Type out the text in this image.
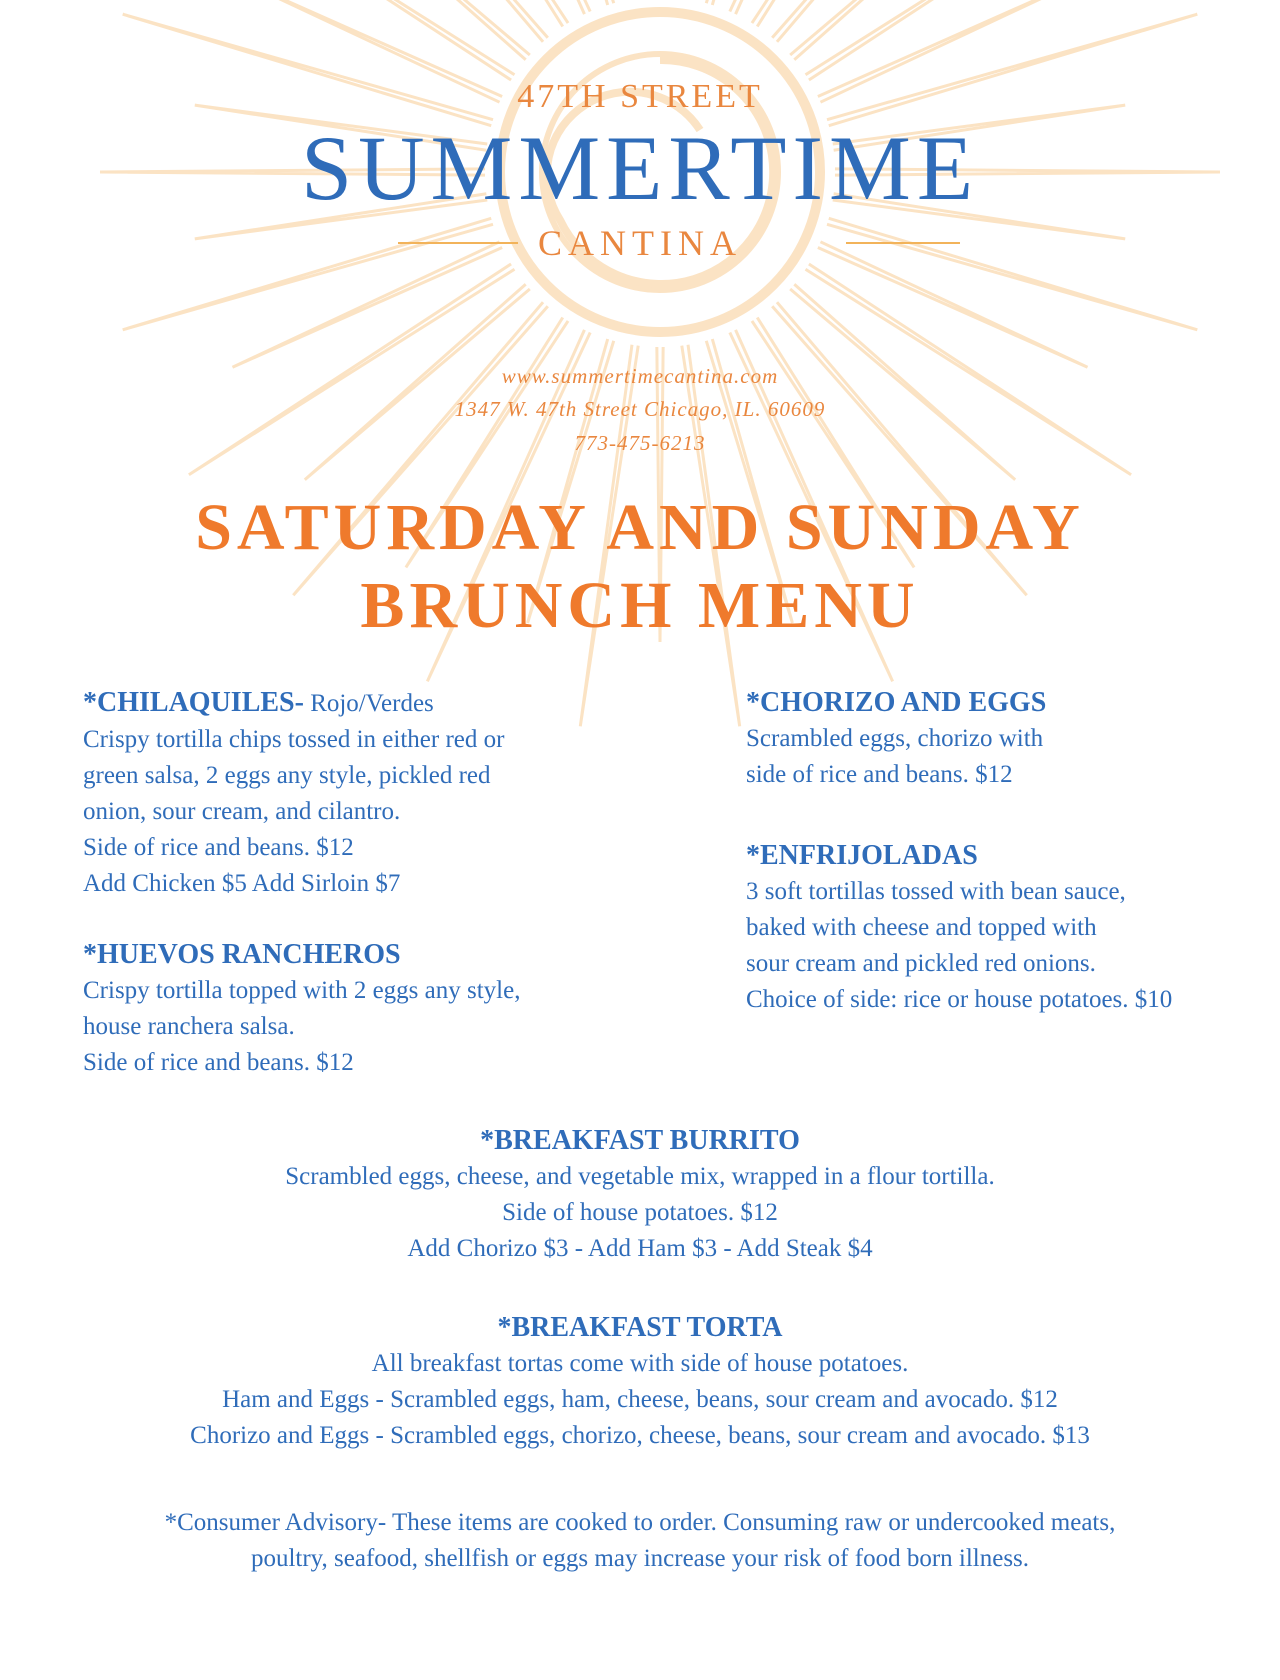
47TH STREET
SUMMERTIME
CANTINA
www.summertimecantina.com
1347 W. 47th Street Chicago, IL. 60609
773-475-6213
SATURDAY AND SUNDAY
BRUNCH MENU
*CHILAQUILES- Rojo/Verdes
Crispy tortilla chips tossed in either red or
green salsa, 2 eggs any style, pickled red
onion, sour cream, and cilantro.
Side of rice and beans. $12
Add Chicken $5 Add Sirloin $7
*HUEVOS RANCHEROS
Crispy tortilla topped with 2 eggs any style,
house ranchera salsa.
Side of rice and beans. $12
*CHORIZO AND EGGS
Scrambled eggs, chorizo with
side of rice and beans. $12
*ENFRIJOLADAS
3 soft tortillas tossed with bean sauce,
baked with cheese and topped with
sour cream and pickled red onions.
Choice of side: rice or house potatoes. $10
*BREAKFAST BURRITO
Scrambled eggs, cheese, and vegetable mix, wrapped in a flour tortilla.
Side of house potatoes. $12
Add Chorizo $3 - Add Ham $3 - Add Steak $4
*BREAKFAST TORTA
All breakfast tortas come with side of house potatoes.
Ham and Eggs - Scrambled eggs, ham, cheese, beans, sour cream and avocado. $12
Chorizo and Eggs - Scrambled eggs, chorizo, cheese, beans, sour cream and avocado. $13
*Consumer Advisory- These items are cooked to order. Consuming raw or undercooked meats,
poultry, seafood, shellfish or eggs may increase your risk of food born illness.
